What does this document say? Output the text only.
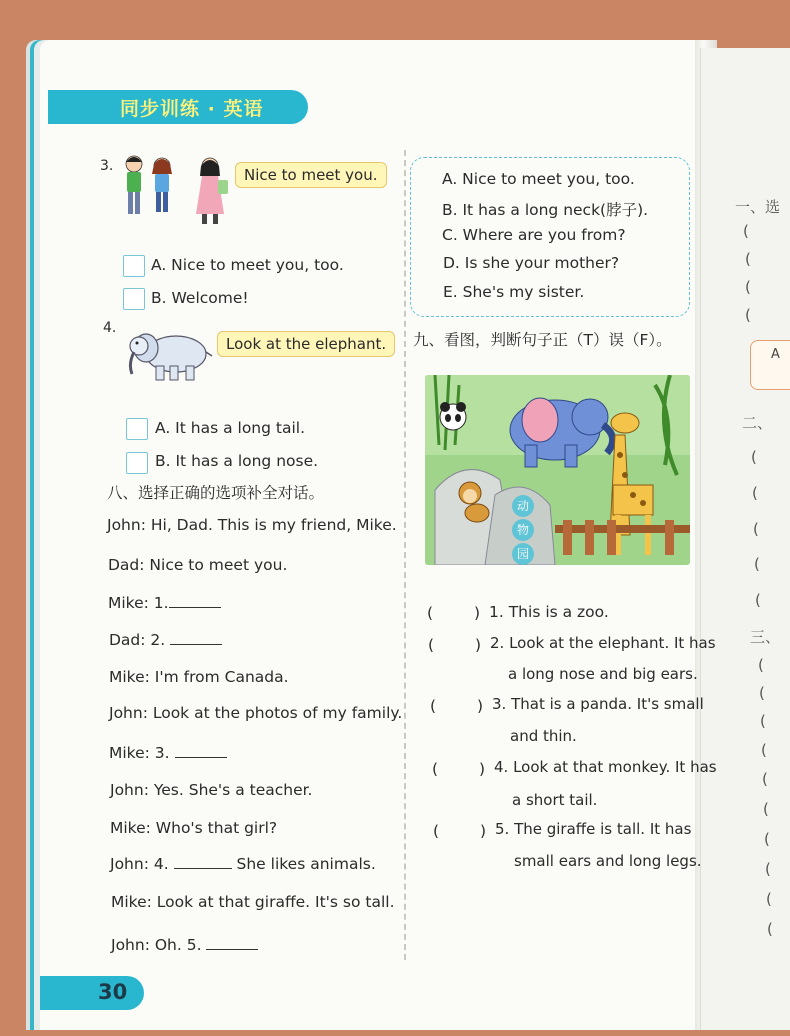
同步训练 · 英语
3.	Nice to meet you.
A. Nice to meet you, too.
B. Welcome!
4.
Look at the elephant.
A. It has a long tail.
B. It has a long nose.
八、选择正确的选项补全对话。
John: Hi, Dad. This is my friend, Mike.
Dad: Nice to meet you.
Mike: 1.
Dad: 2.
Mike: I'm from Canada.
John: Look at the photos of my family.
Mike: 3.
John: Yes. She's a teacher.
Mike: Who's that girl?
John: 4.	She likes animals.
Mike: Look at that giraffe. It's so tall.
John: Oh. 5.
A. Nice to meet you, too.
B. It has a long neck(脖子).
C. Where are you from?
D. Is she your mother?
E. She's my sister.
九、看图，判断句子正（T）误（F）。
动
物
园
(	) 1. This is a zoo.
(	) 2. Look at the elephant. It has
a long nose and big ears.
(	) 3. That is a panda. It's small
and thin.
(	) 4. Look at that monkey. It has
a short tail.
(	) 5. The giraffe is tall. It has
small ears and long legs.
一、选
二、
三、
A
(
(
(
(
(
(
(
(
(
(
(
(
(
(
(
(
(
(
(
30
